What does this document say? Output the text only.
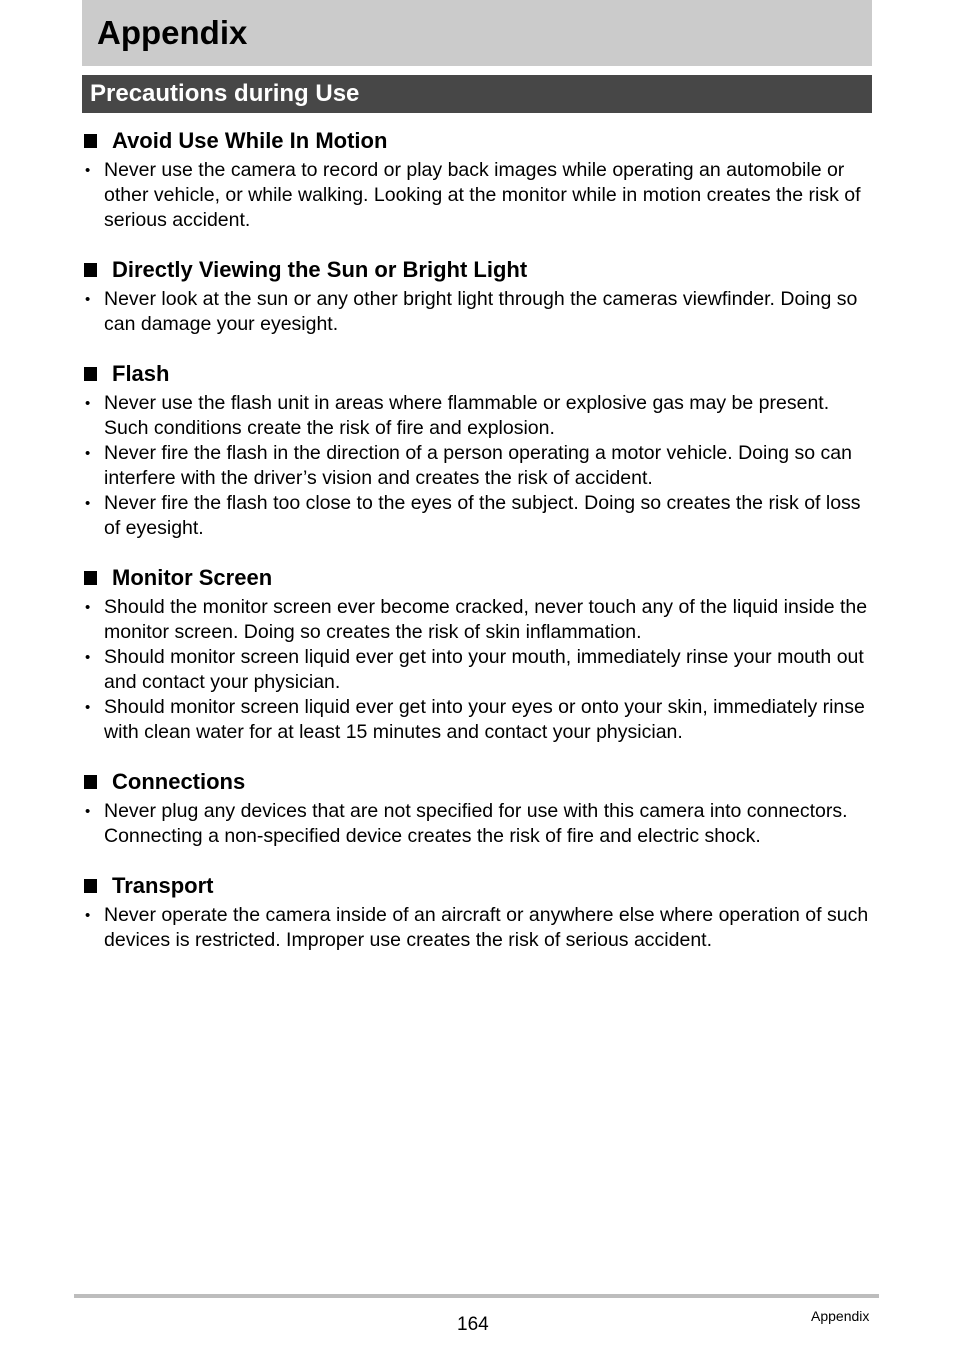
Appendix
Precautions during Use
Avoid Use While In Motion
• Never use the camera to record or play back images while operating an automobile or other vehicle, or while walking. Looking at the monitor while in motion creates the risk of serious accident.
Directly Viewing the Sun or Bright Light
• Never look at the sun or any other bright light through the cameras viewfinder. Doing so can damage your eyesight.
Flash
• Never use the flash unit in areas where flammable or explosive gas may be present. Such conditions create the risk of fire and explosion.
• Never fire the flash in the direction of a person operating a motor vehicle. Doing so can interfere with the driver’s vision and creates the risk of accident.
• Never fire the flash too close to the eyes of the subject. Doing so creates the risk of loss of eyesight.
Monitor Screen
• Should the monitor screen ever become cracked, never touch any of the liquid inside the monitor screen. Doing so creates the risk of skin inflammation.
• Should monitor screen liquid ever get into your mouth, immediately rinse your mouth out and contact your physician.
• Should monitor screen liquid ever get into your eyes or onto your skin, immediately rinse with clean water for at least 15 minutes and contact your physician.
Connections
• Never plug any devices that are not specified for use with this camera into connectors. Connecting a non-specified device creates the risk of fire and electric shock.
Transport
• Never operate the camera inside of an aircraft or anywhere else where operation of such devices is restricted. Improper use creates the risk of serious accident.
164	Appendix
